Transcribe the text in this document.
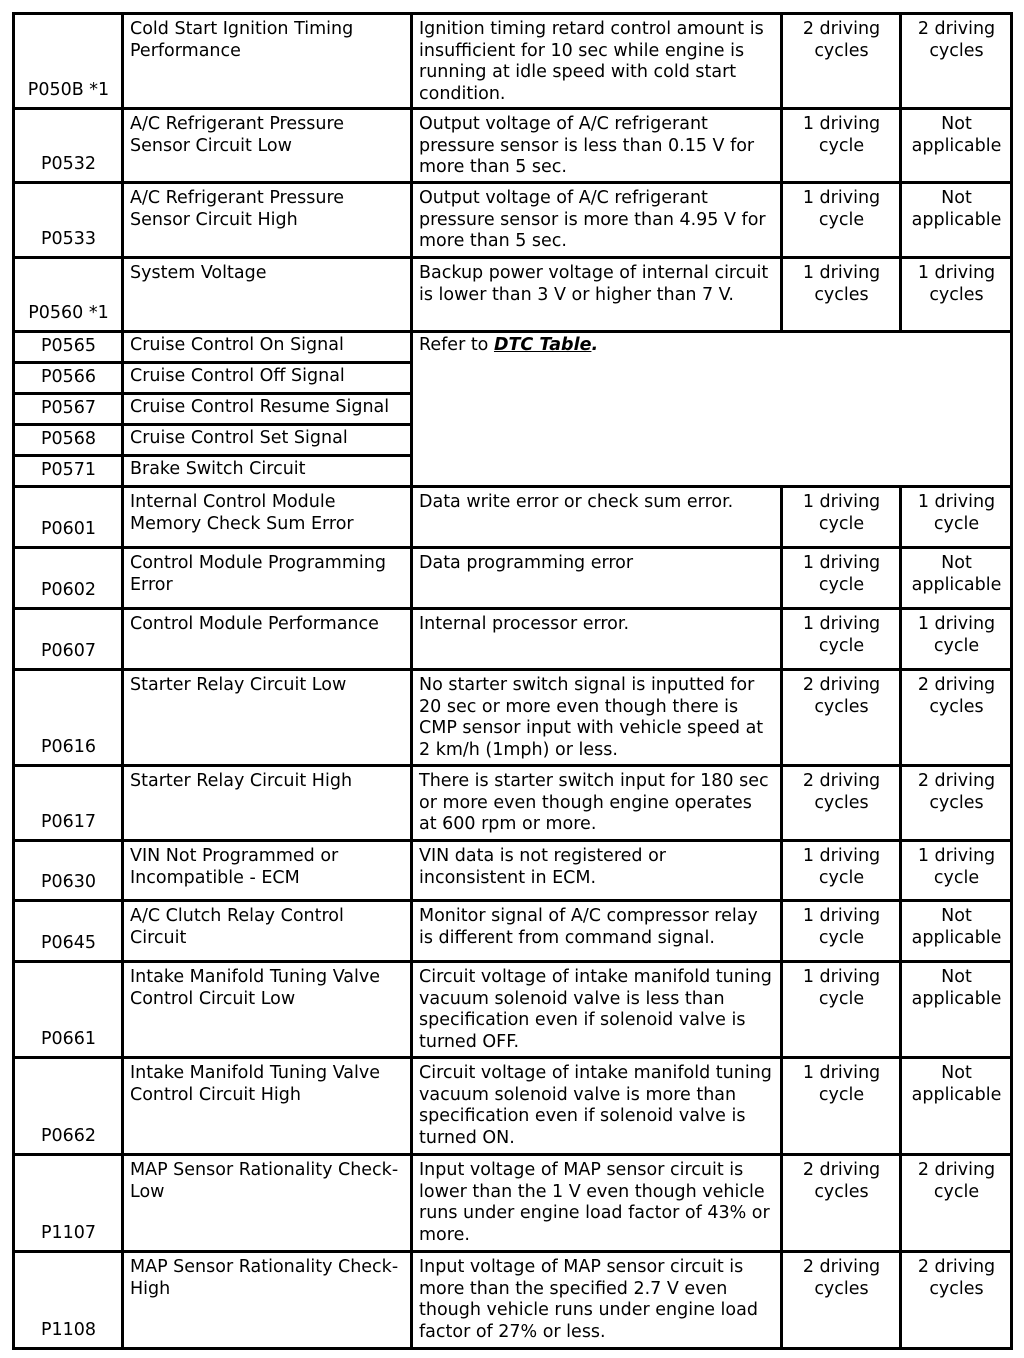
P050B *1	Cold Start Ignition Timing Performance	Ignition timing retard control amount is insufficient for 10 sec while engine is running at idle speed with cold start condition.	2 driving cycles	2 driving cycles
P0532	A/C Refrigerant Pressure Sensor Circuit Low	Output voltage of A/C refrigerant pressure sensor is less than 0.15 V for more than 5 sec.	1 driving cycle	Not applicable
P0533	A/C Refrigerant Pressure Sensor Circuit High	Output voltage of A/C refrigerant pressure sensor is more than 4.95 V for more than 5 sec.	1 driving cycle	Not applicable
P0560 *1	System Voltage	Backup power voltage of internal circuit is lower than 3 V or higher than 7 V.	1 driving cycles	1 driving cycles
P0565	Cruise Control On Signal	Refer to DTC Table.		
P0566	Cruise Control Off Signal			
P0567	Cruise Control Resume Signal			
P0568	Cruise Control Set Signal			
P0571	Brake Switch Circuit			
P0601	Internal Control Module Memory Check Sum Error	Data write error or check sum error.	1 driving cycle	1 driving cycle
P0602	Control Module Programming Error	Data programming error	1 driving cycle	Not applicable
P0607	Control Module Performance	Internal processor error.	1 driving cycle	1 driving cycle
P0616	Starter Relay Circuit Low	No starter switch signal is inputted for 20 sec or more even though there is CMP sensor input with vehicle speed at 2 km/h (1mph) or less.	2 driving cycles	2 driving cycles
P0617	Starter Relay Circuit High	There is starter switch input for 180 sec or more even though engine operates at 600 rpm or more.	2 driving cycles	2 driving cycles
P0630	VIN Not Programmed or Incompatible - ECM	VIN data is not registered or inconsistent in ECM.	1 driving cycle	1 driving cycle
P0645	A/C Clutch Relay Control Circuit	Monitor signal of A/C compressor relay is different from command signal.	1 driving cycle	Not applicable
P0661	Intake Manifold Tuning Valve Control Circuit Low	Circuit voltage of intake manifold tuning vacuum solenoid valve is less than specification even if solenoid valve is turned OFF.	1 driving cycle	Not applicable
P0662	Intake Manifold Tuning Valve Control Circuit High	Circuit voltage of intake manifold tuning vacuum solenoid valve is more than specification even if solenoid valve is turned ON.	1 driving cycle	Not applicable
P1107	MAP Sensor Rationality Check-Low	Input voltage of MAP sensor circuit is lower than the 1 V even though vehicle runs under engine load factor of 43% or more.	2 driving cycles	2 driving cycle
P1108	MAP Sensor Rationality Check-High	Input voltage of MAP sensor circuit is more than the specified 2.7 V even though vehicle runs under engine load factor of 27% or less.	2 driving cycles	2 driving cycles
